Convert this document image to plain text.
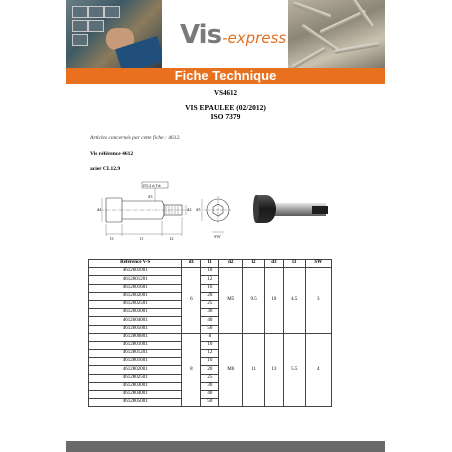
Vis -express
Fiche Technique
VS4612
VIS EPAULEE (02/2012)
ISO 7379
Articles concernés par cette fiche : 4612.
Vis référence 4612
acier CL12.9
d1	d2
d3
l3	l1	l2
d3
SW
Ø 0.4 ⊘ T⊕
Référence V-S	d1	l1	d2	l2	d3	l3	SW
4612601001	6	10	M5	9.5	10	4.5	3
4612601201		12					
4612601601		16					
4612602001		20					
4612602501		25					
4612603001		30					
4612604001		40					
4612605001		50					
4612800801	8	8	M6	11	13	5.5	4
4612801001		10					
4612801201		12					
4612801601		16					
4612802001		20					
4612802501		25					
4612803001		30					
4612804001		40					
4612805001		50					
